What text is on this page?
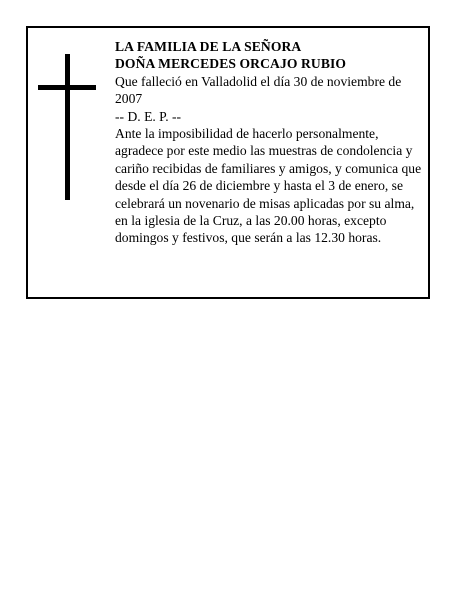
LA FAMILIA DE LA SEÑORA

DOÑA MERCEDES ORCAJO RUBIO

Que falleció en Valladolid el día 30 de noviembre de 2007

-- D. E. P. --

Ante la imposibilidad de hacerlo personalmente, agradece por este medio las muestras de condolencia y cariño recibidas de familiares y amigos, y comunica que desde el día 26 de diciembre y hasta el 3 de enero, se celebrará un novenario de misas aplicadas por su alma, en la iglesia de la Cruz, a las 20.00 horas, excepto domingos y festivos, que serán a las 12.30 horas.
